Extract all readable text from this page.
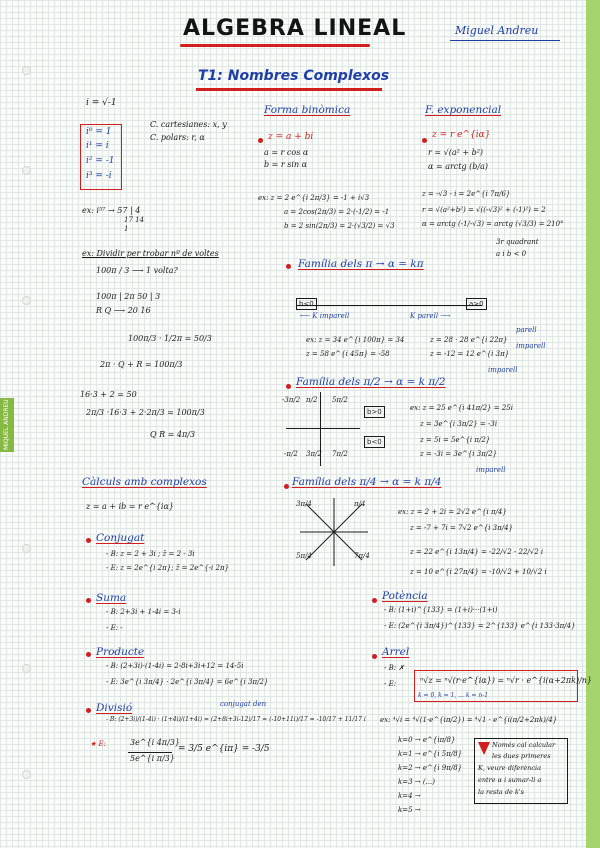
MIQUEL ANDREU
ALGEBRA LINEAL	Miguel Andreu
T1: Nombres Complexos
i = √-1
i⁰ = 1
i¹ = i
i² = -1
i³ = -i
C. cartesianes: x, y
C. polars: r, α
ex: i⁵⁷ → 57 | 4
17 14
1
ex: Dividir per trobar nº de voltes
100π / 3 ⟶ 1 volta?
100π | 2π 50 | 3
R Q ⟶ 20 16
100π/3 · 1/2π = 50/3
2π · Q + R = 100π/3
16·3 + 2 = 50
2π/3 ·16·3 + 2·2π/3 = 100π/3
Q R = 4π/3
Forma binòmica
z = a + bi
a = r cos α
b = r sin α
F. exponencial
z = r e^{iα}
r = √(a² + b²)
α = arctg (b/a)
ex: z = 2 e^{i 2π/3} = -1 + i√3
a = 2cos(2π/3) = 2·(-1/2) = -1
b = 2 sin(2π/3) = 2·(√3/2) = √3
z = -√3 - i = 2e^{i 7π/6}
r = √(a²+b²) = √((-√3)² + (-1)²) = 2
α = arctg (-1/-√3) = arctg (√3/3) = 210°
3r quadrant
a i b < 0
Família dels π → α = kπ
b<0	a>0
⟵ K imparell	K parell ⟶
ex: z = 34 e^{i 100π} = 34
z = 58 e^{i 45π} = -58
z = 28 · 28 e^{i 22π}
z = -12 = 12 e^{i 3π}
parell
imparell
Família dels π/2 → α = k π/2
imparell
-3π/2 π/2 5π/2
-π/2 3π/2 7π/2
b>0
b<0
ex: z = 25 e^{i 41π/2} = 25i
z = 3e^{i 3π/2} = -3i
z = 5i = 5e^{i π/2}
z = -3i = 3e^{i 3π/2}
Família dels π/4 → α = k π/4
imparell
π/4
3π/4
5π/4	7π/4
ex: z = 2 + 2i = 2√2 e^{i π/4}
z = -7 + 7i = 7√2 e^{i 3π/4}
z = 22 e^{i 13π/4} = -22/√2 - 22/√2 i
z = 10 e^{i 27π/4} = -10/√2 + 10/√2 i
Càlculs amb complexos
z = a + ib = r e^{iα}
Conjugat
- B: z = 2 + 3i ; z̄ = 2 - 3i
- E: z = 2e^{i 2π}; z̄ = 2e^{-i 2π}
Suma
- B: 2+3i + 1-4i = 3-i
- E: -
Producte
- B: (2+3i)·(1-4i) = 2-8i+3i+12 = 14-5i
- E: 3e^{i 3π/4} · 2e^{i 3π/4} = 6e^{i 3π/2}
Divisió	conjugat den
- B: (2+3i)/(1-4i) · (1+4i)/(1+4i) = (2+8i+3i-12)/17 = (-10+11i)/17 = -10/17 + 11/17 i
★ E:	3e^{i 4π/3}
5e^{i π/3}
= 3/5 e^{iπ} = -3/5
Potència
- B: (1+i)^{133} = (1+i)···(1+i)
- E: (2e^{i 3π/4})^{133} = 2^{133} e^{i 133·3π/4}
Arrel
- B: ✗
- E:	ⁿ√z = ⁿ√(r·e^{iα}) = ⁿ√r · e^{i(α+2πk)/n}
k = 0, k = 1, ... k = n-1
ex: ⁴√i = ⁴√(1·e^{iπ/2}) = ⁴√1 · e^{i(π/2+2πk)/4}
k=0 → e^{iπ/8}
k=1 → e^{i 5π/8}
k=2 → e^{i 9π/8}
k=3 → (...)
k=4 →
k=5 →
Només cal calcular
les dues primeres
K, veure diferència
entre α i sumar-li a
la resta de k's
